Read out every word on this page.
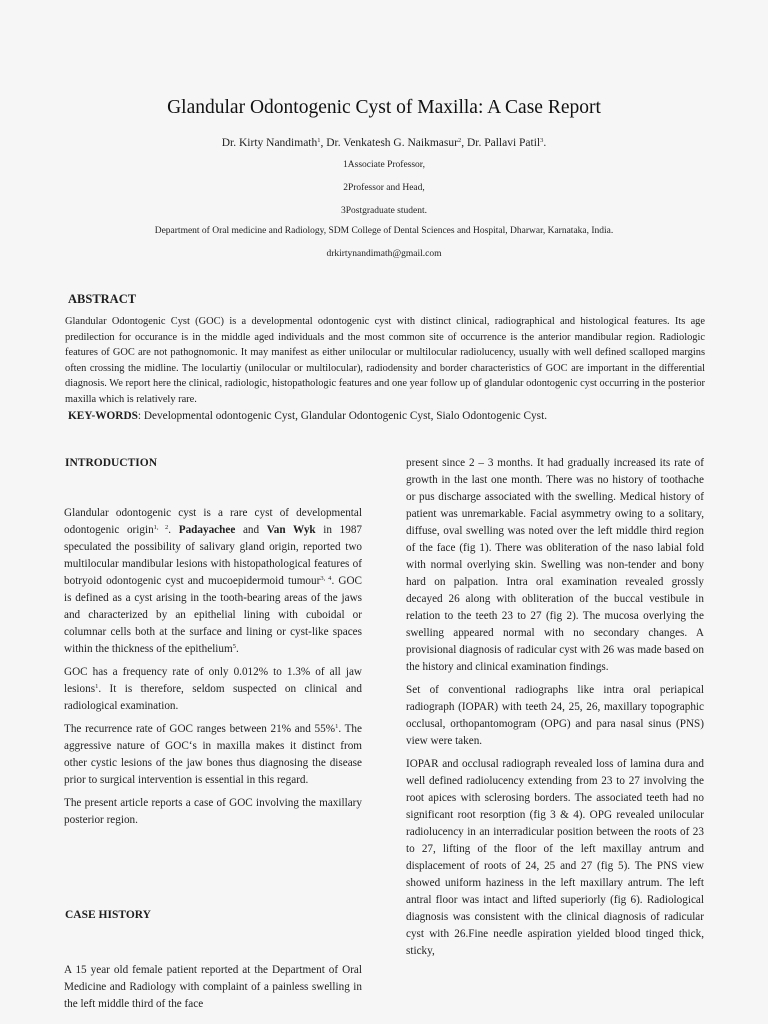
Glandular Odontogenic Cyst of Maxilla: A Case Report
Dr. Kirty Nandimath$^1$, Dr. Venkatesh G. Naikmasur$^2$, Dr. Pallavi Patil$^3$.
1Associate Professor,
2Professor and Head,
3Postgraduate student.
Department of Oral medicine and Radiology, SDM College of Dental Sciences and Hospital, Dharwar, Karnataka, India.
drkirtynandimath@gmail.com
ABSTRACT
Glandular Odontogenic Cyst (GOC) is a developmental odontogenic cyst with distinct clinical, radiographical and histological features. Its age predilection for occurance is in the middle aged individuals and the most common site of occurrence is the anterior mandibular region. Radiologic features of GOC are not pathognomonic. It may manifest as either unilocular or multilocular radiolucency, usually with well defined scalloped margins often crossing the midline. The loculartiy (unilocular or multilocular), radiodensity and border characteristics of GOC are important in the differential diagnosis. We report here the clinical, radiologic, histopathologic features and one year follow up of glandular odontogenic cyst occurring in the posterior maxilla which is relatively rare.
KEY-WORDS: Developmental odontogenic Cyst, Glandular Odontogenic Cyst, Sialo Odontogenic Cyst.
INTRODUCTION

Glandular odontogenic cyst is a rare cyst of developmental odontogenic origin$^{1, 2}$. Padayachee and Van Wyk in 1987 speculated the possibility of salivary gland origin, reported two multilocular mandibular lesions with histopathological features of botryoid odontogenic cyst and mucoepidermoid tumour$^{3, 4}$. GOC is defined as a cyst arising in the tooth-bearing areas of the jaws and characterized by an epithelial lining with cuboidal or columnar cells both at the surface and lining or cyst-like spaces within the thickness of the epithelium$^5$.

GOC has a frequency rate of only 0.012% to 1.3% of all jaw lesions$^1$. It is therefore, seldom suspected on clinical and radiological examination.

The recurrence rate of GOC ranges between 21% and 55%$^1$. The aggressive nature of GOC‘s in maxilla makes it distinct from other cystic lesions of the jaw bones thus diagnosing the disease prior to surgical intervention is essential in this regard.

The present article reports a case of GOC involving the maxillary posterior region.

CASE HISTORY

A 15 year old female patient reported at the Department of Oral Medicine and Radiology with complaint of a painless swelling in the left middle third of the face

present since 2 – 3 months. It had gradually increased its rate of growth in the last one month. There was no history of toothache or pus discharge associated with the swelling. Medical history of patient was unremarkable. Facial asymmetry owing to a solitary, diffuse, oval swelling was noted over the left middle third region of the face (fig 1). There was obliteration of the naso labial fold with normal overlying skin. Swelling was non-tender and bony hard on palpation. Intra oral examination revealed grossly decayed 26 along with obliteration of the buccal vestibule in relation to the teeth 23 to 27 (fig 2). The mucosa overlying the swelling appeared normal with no secondary changes. A provisional diagnosis of radicular cyst with 26 was made based on the history and clinical examination findings.

Set of conventional radiographs like intra oral periapical radiograph (IOPAR) with teeth 24, 25, 26, maxillary topographic occlusal, orthopantomogram (OPG) and para nasal sinus (PNS) view were taken.

IOPAR and occlusal radiograph revealed loss of lamina dura and well defined radiolucency extending from 23 to 27 involving the root apices with sclerosing borders. The associated teeth had no significant root resorption (fig 3 & 4). OPG revealed unilocular radiolucency in an interradicular position between the roots of 23 to 27, lifting of the floor of the left maxillay antrum and displacement of roots of 24, 25 and 27 (fig 5). The PNS view showed uniform haziness in the left maxillary antrum. The left antral floor was intact and lifted superiorly (fig 6). Radiological diagnosis was consistent with the clinical diagnosis of radicular cyst with 26.Fine needle aspiration yielded blood tinged thick, sticky,
